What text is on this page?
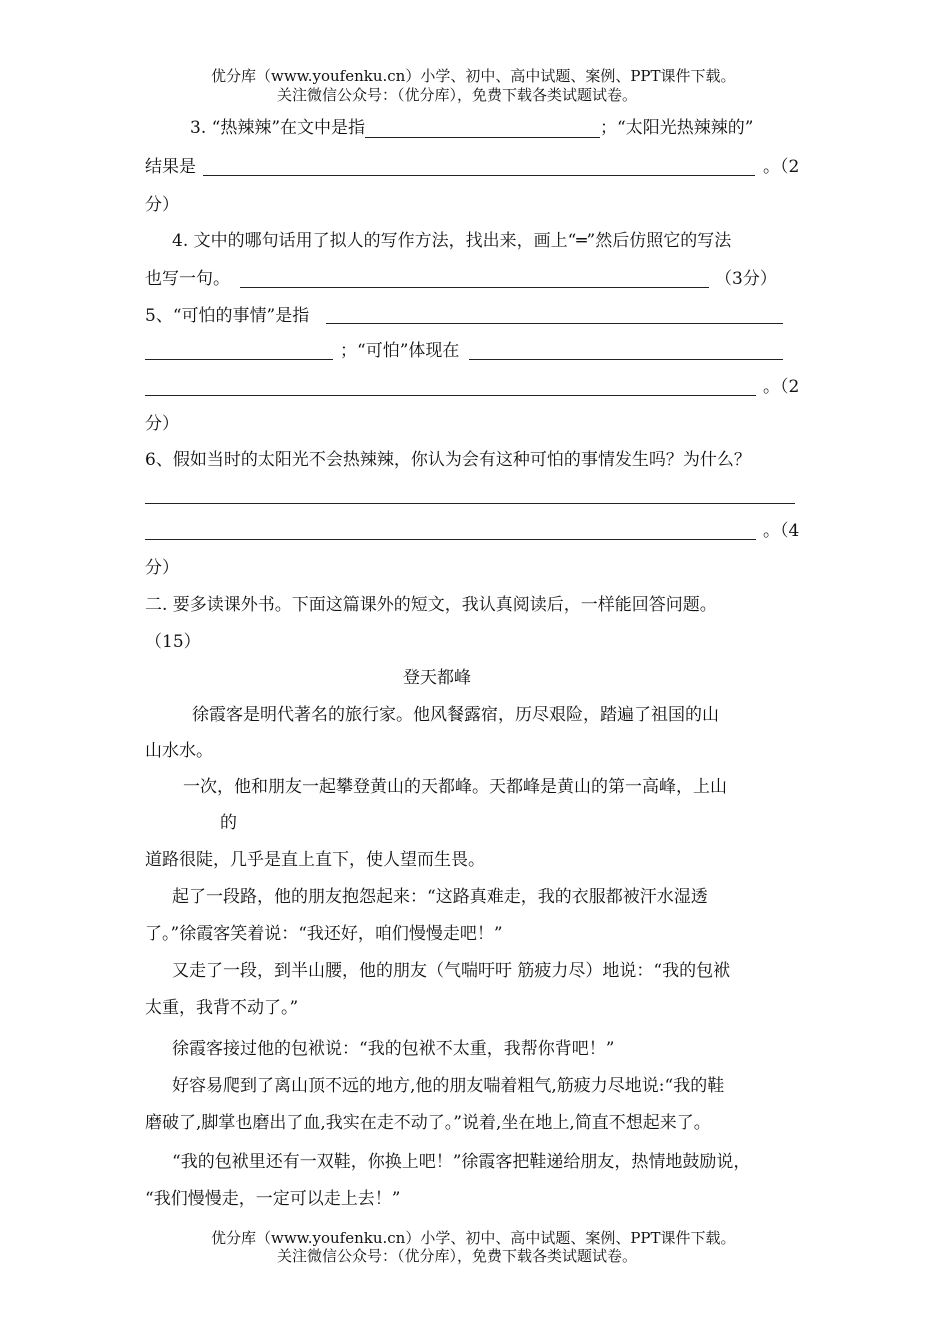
优分库（www.youfenku.cn）小学、初中、高中试题、案例、PPT课件下载。
关注微信公众号：（优分库），免费下载各类试题试卷。
3. “热辣辣”在文中是指	；“太阳光热辣辣的”
结果是	。（2
分）
4. 文中的哪句话用了拟人的写作方法，找出来，画上“═”然后仿照它的写法
也写一句。	（3分）
5、“可怕的事情”是指
；“可怕”体现在
。（2
分）
6、假如当时的太阳光不会热辣辣，你认为会有这种可怕的事情发生吗？为什么？
。（4
分）
二. 要多读课外书。下面这篇课外的短文，我认真阅读后，一样能回答问题。
（15）
登天都峰
徐霞客是明代著名的旅行家。他风餐露宿，历尽艰险，踏遍了祖国的山
山水水。
一次，他和朋友一起攀登黄山的天都峰。天都峰是黄山的第一高峰，上山
的
道路很陡，几乎是直上直下，使人望而生畏。
起了一段路，他的朋友抱怨起来：“这路真难走，我的衣服都被汗水湿透
了。”徐霞客笑着说：“我还好，咱们慢慢走吧！”
又走了一段，到半山腰，他的朋友（气喘吁吁 筋疲力尽）地说：“我的包袱
太重，我背不动了。”
徐霞客接过他的包袱说：“我的包袱不太重，我帮你背吧！”
好容易爬到了离山顶不远的地方,他的朋友喘着粗气,筋疲力尽地说:“我的鞋
磨破了,脚掌也磨出了血,我实在走不动了。”说着,坐在地上,简直不想起来了。
“我的包袱里还有一双鞋，你换上吧！”徐霞客把鞋递给朋友，热情地鼓励说，
“我们慢慢走，一定可以走上去！”
优分库（www.youfenku.cn）小学、初中、高中试题、案例、PPT课件下载。
关注微信公众号：（优分库），免费下载各类试题试卷。
